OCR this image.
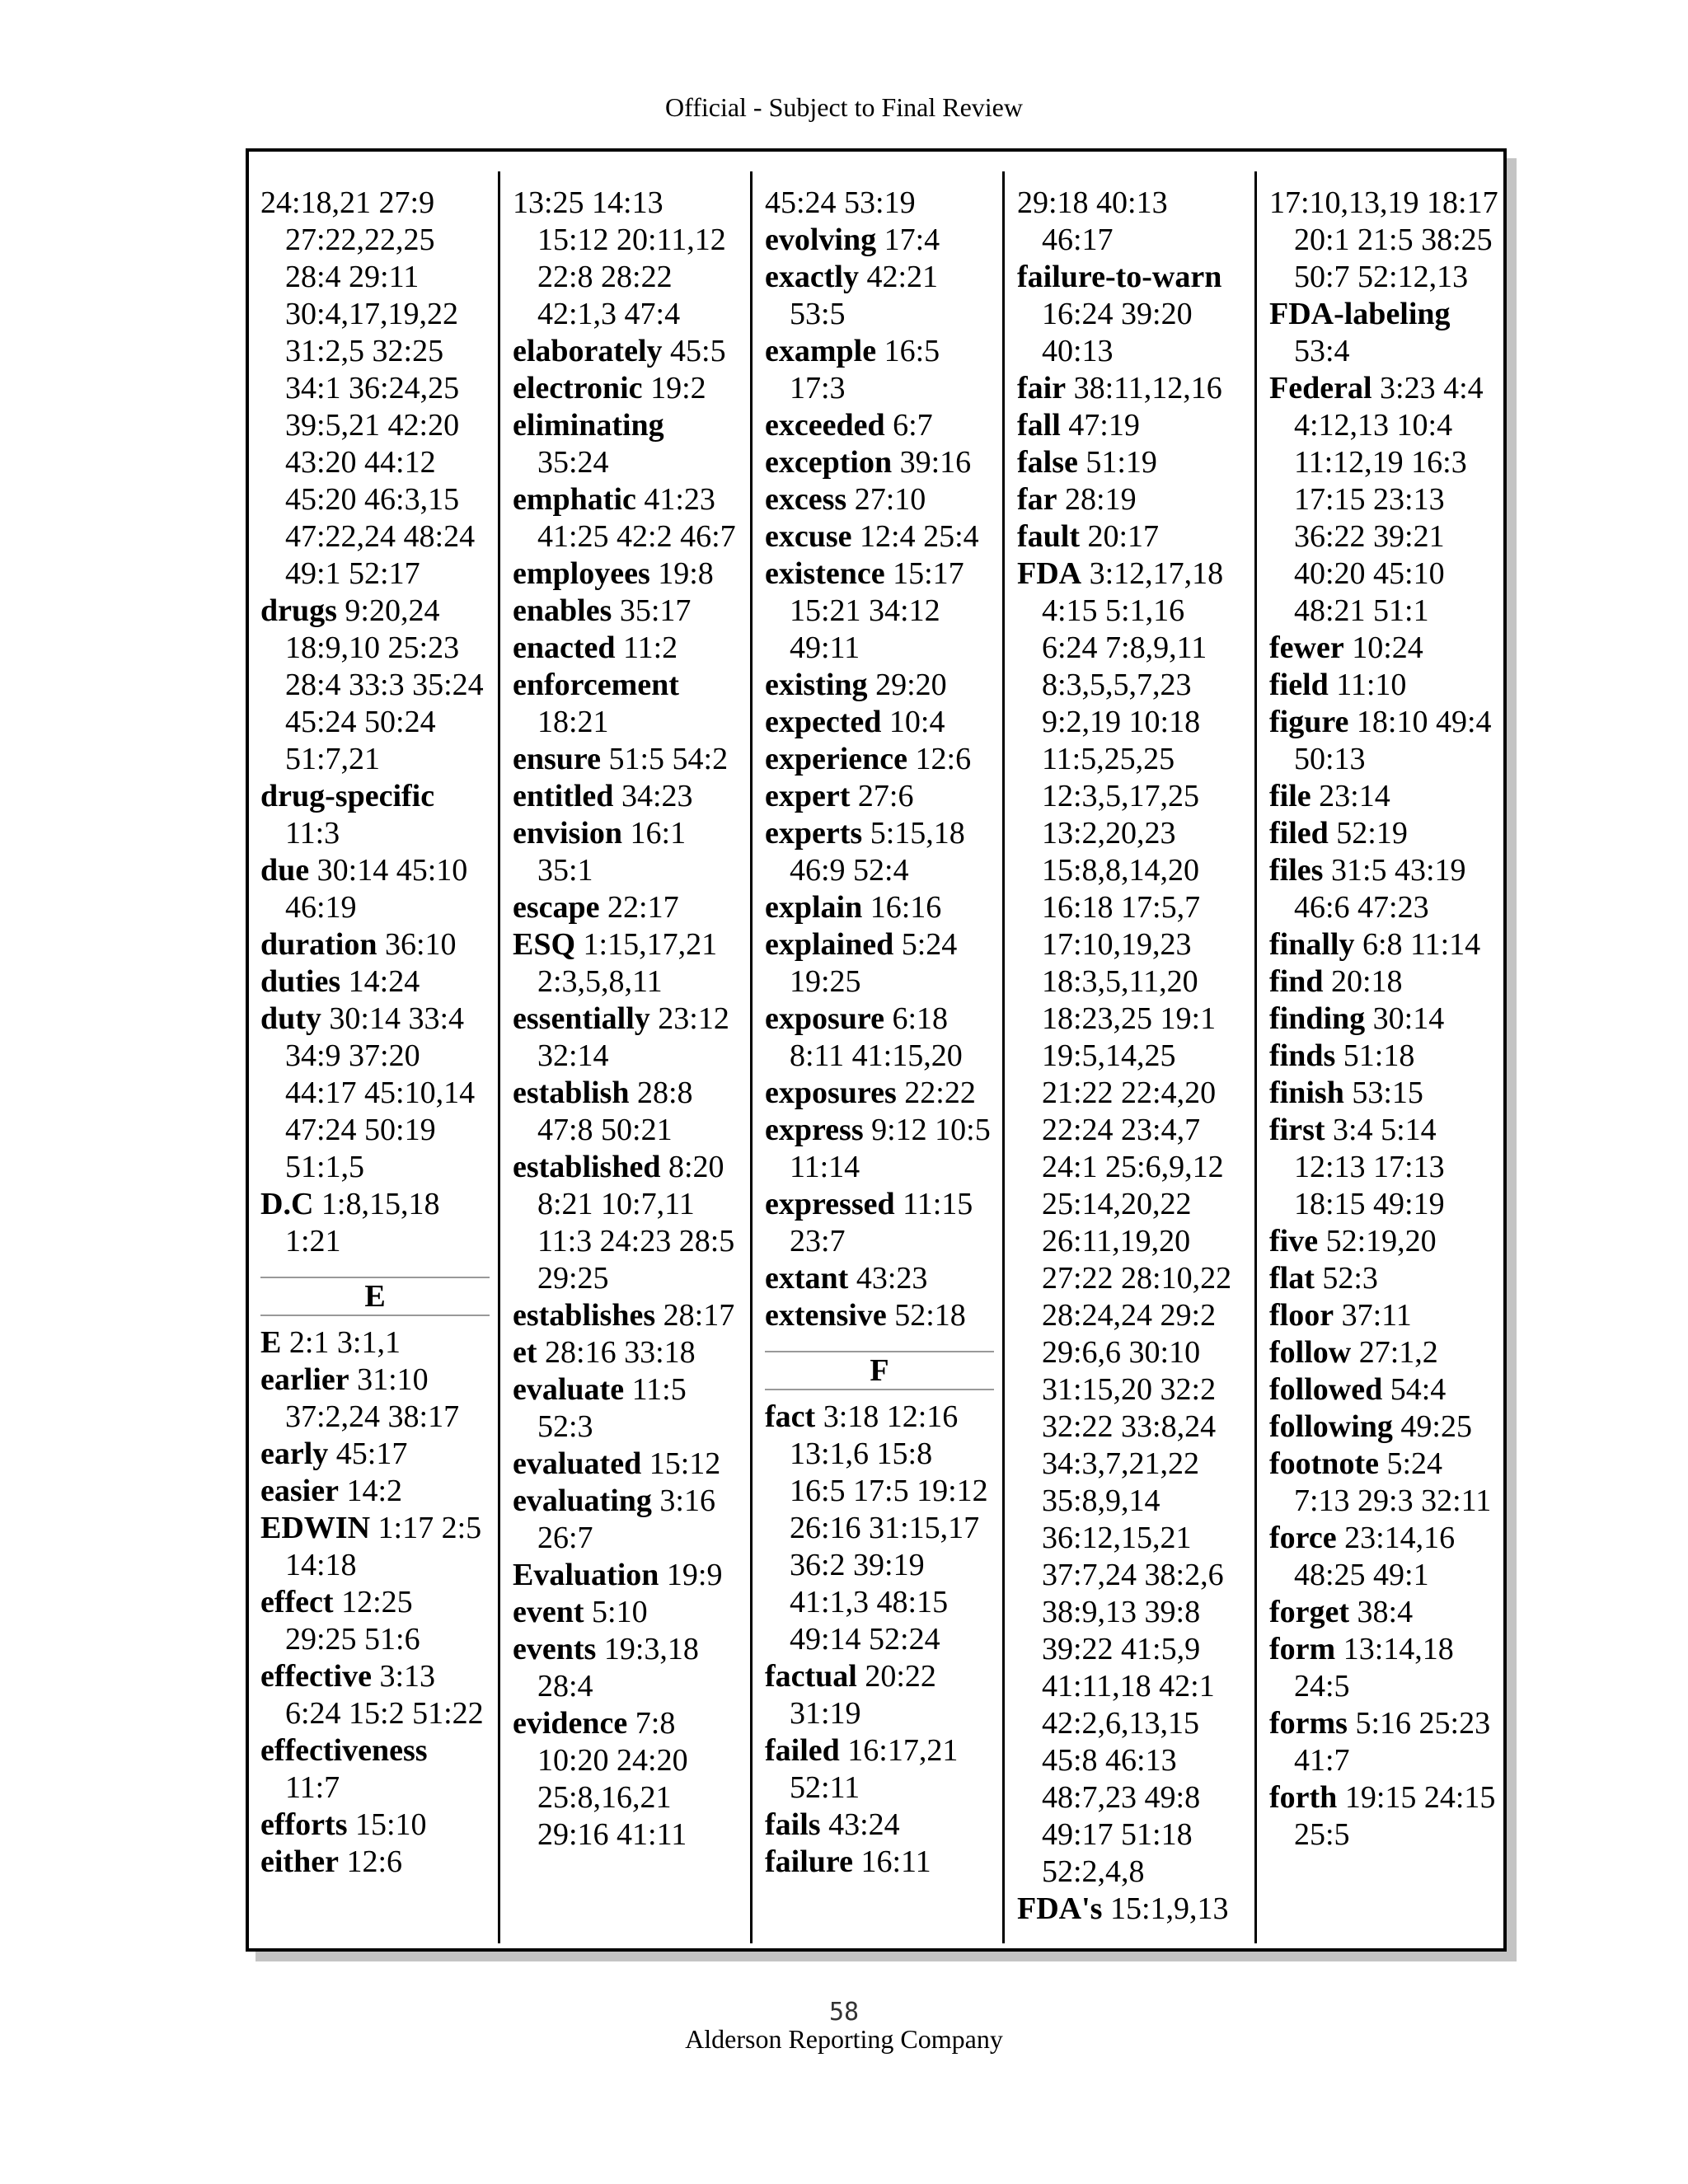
Official - Subject to Final Review
24:18,21 27:9 27:22,22,25 28:4 29:11 30:4,17,19,22 31:2,5 32:25 34:1 36:24,25 39:5,21 42:20 43:20 44:12 45:20 46:3,15 47:22,24 48:24 49:1 52:17
drugs 9:20,24 18:9,10 25:23 28:4 33:3 35:24 45:24 50:24 51:7,21
drug-specific 11:3
due 30:14 45:10 46:19
duration 36:10
duties 14:24
duty 30:14 33:4 34:9 37:20 44:17 45:10,14 47:24 50:19 51:1,5
D.C 1:8,15,18 1:21
E
E 2:1 3:1,1
earlier 31:10 37:2,24 38:17
early 45:17
easier 14:2
EDWIN 1:17 2:5 14:18
effect 12:25 29:25 51:6
effective 3:13 6:24 15:2 51:22
effectiveness 11:7
efforts 15:10
either 12:6
13:25 14:13 15:12 20:11,12 22:8 28:22 42:1,3 47:4
elaborately 45:5
electronic 19:2
eliminating 35:24
emphatic 41:23 41:25 42:2 46:7
employees 19:8
enables 35:17
enacted 11:2
enforcement 18:21
ensure 51:5 54:2
entitled 34:23
envision 16:1 35:1
escape 22:17
ESQ 1:15,17,21 2:3,5,8,11
essentially 23:12 32:14
establish 28:8 47:8 50:21
established 8:20 8:21 10:7,11 11:3 24:23 28:5 29:25
establishes 28:17
et 28:16 33:18
evaluate 11:5 52:3
evaluated 15:12
evaluating 3:16 26:7
Evaluation 19:9
event 5:10
events 19:3,18 28:4
evidence 7:8 10:20 24:20 25:8,16,21 29:16 41:11
45:24 53:19
evolving 17:4
exactly 42:21 53:5
example 16:5 17:3
exceeded 6:7
exception 39:16
excess 27:10
excuse 12:4 25:4
existence 15:17 15:21 34:12 49:11
existing 29:20
expected 10:4
experience 12:6
expert 27:6
experts 5:15,18 46:9 52:4
explain 16:16
explained 5:24 19:25
exposure 6:18 8:11 41:15,20
exposures 22:22
express 9:12 10:5 11:14
expressed 11:15 23:7
extant 43:23
extensive 52:18
F
fact 3:18 12:16 13:1,6 15:8 16:5 17:5 19:12 26:16 31:15,17 36:2 39:19 41:1,3 48:15 49:14 52:24
factual 20:22 31:19
failed 16:17,21 52:11
fails 43:24
failure 16:11
29:18 40:13 46:17
failure-to-warn 16:24 39:20 40:13
fair 38:11,12,16
fall 47:19
false 51:19
far 28:19
fault 20:17
FDA 3:12,17,18 4:15 5:1,16 6:24 7:8,9,11 8:3,5,5,7,23 9:2,19 10:18 11:5,25,25 12:3,5,17,25 13:2,20,23 15:8,8,14,20 16:18 17:5,7 17:10,19,23 18:3,5,11,20 18:23,25 19:1 19:5,14,25 21:22 22:4,20 22:24 23:4,7 24:1 25:6,9,12 25:14,20,22 26:11,19,20 27:22 28:10,22 28:24,24 29:2 29:6,6 30:10 31:15,20 32:2 32:22 33:8,24 34:3,7,21,22 35:8,9,14 36:12,15,21 37:7,24 38:2,6 38:9,13 39:8 39:22 41:5,9 41:11,18 42:1 42:2,6,13,15 45:8 46:13 48:7,23 49:8 49:17 51:18 52:2,4,8
FDA's 15:1,9,13
17:10,13,19 18:17 20:1 21:5 38:25 50:7 52:12,13
FDA-labeling 53:4
Federal 3:23 4:4 4:12,13 10:4 11:12,19 16:3 17:15 23:13 36:22 39:21 40:20 45:10 48:21 51:1
fewer 10:24
field 11:10
figure 18:10 49:4 50:13
file 23:14
filed 52:19
files 31:5 43:19 46:6 47:23
finally 6:8 11:14
find 20:18
finding 30:14
finds 51:18
finish 53:15
first 3:4 5:14 12:13 17:13 18:15 49:19
five 52:19,20
flat 52:3
floor 37:11
follow 27:1,2
followed 54:4
following 49:25
footnote 5:24 7:13 29:3 32:11
force 23:14,16 48:25 49:1
forget 38:4
form 13:14,18 24:5
forms 5:16 25:23 41:7
forth 19:15 24:15 25:5
58
Alderson Reporting Company
